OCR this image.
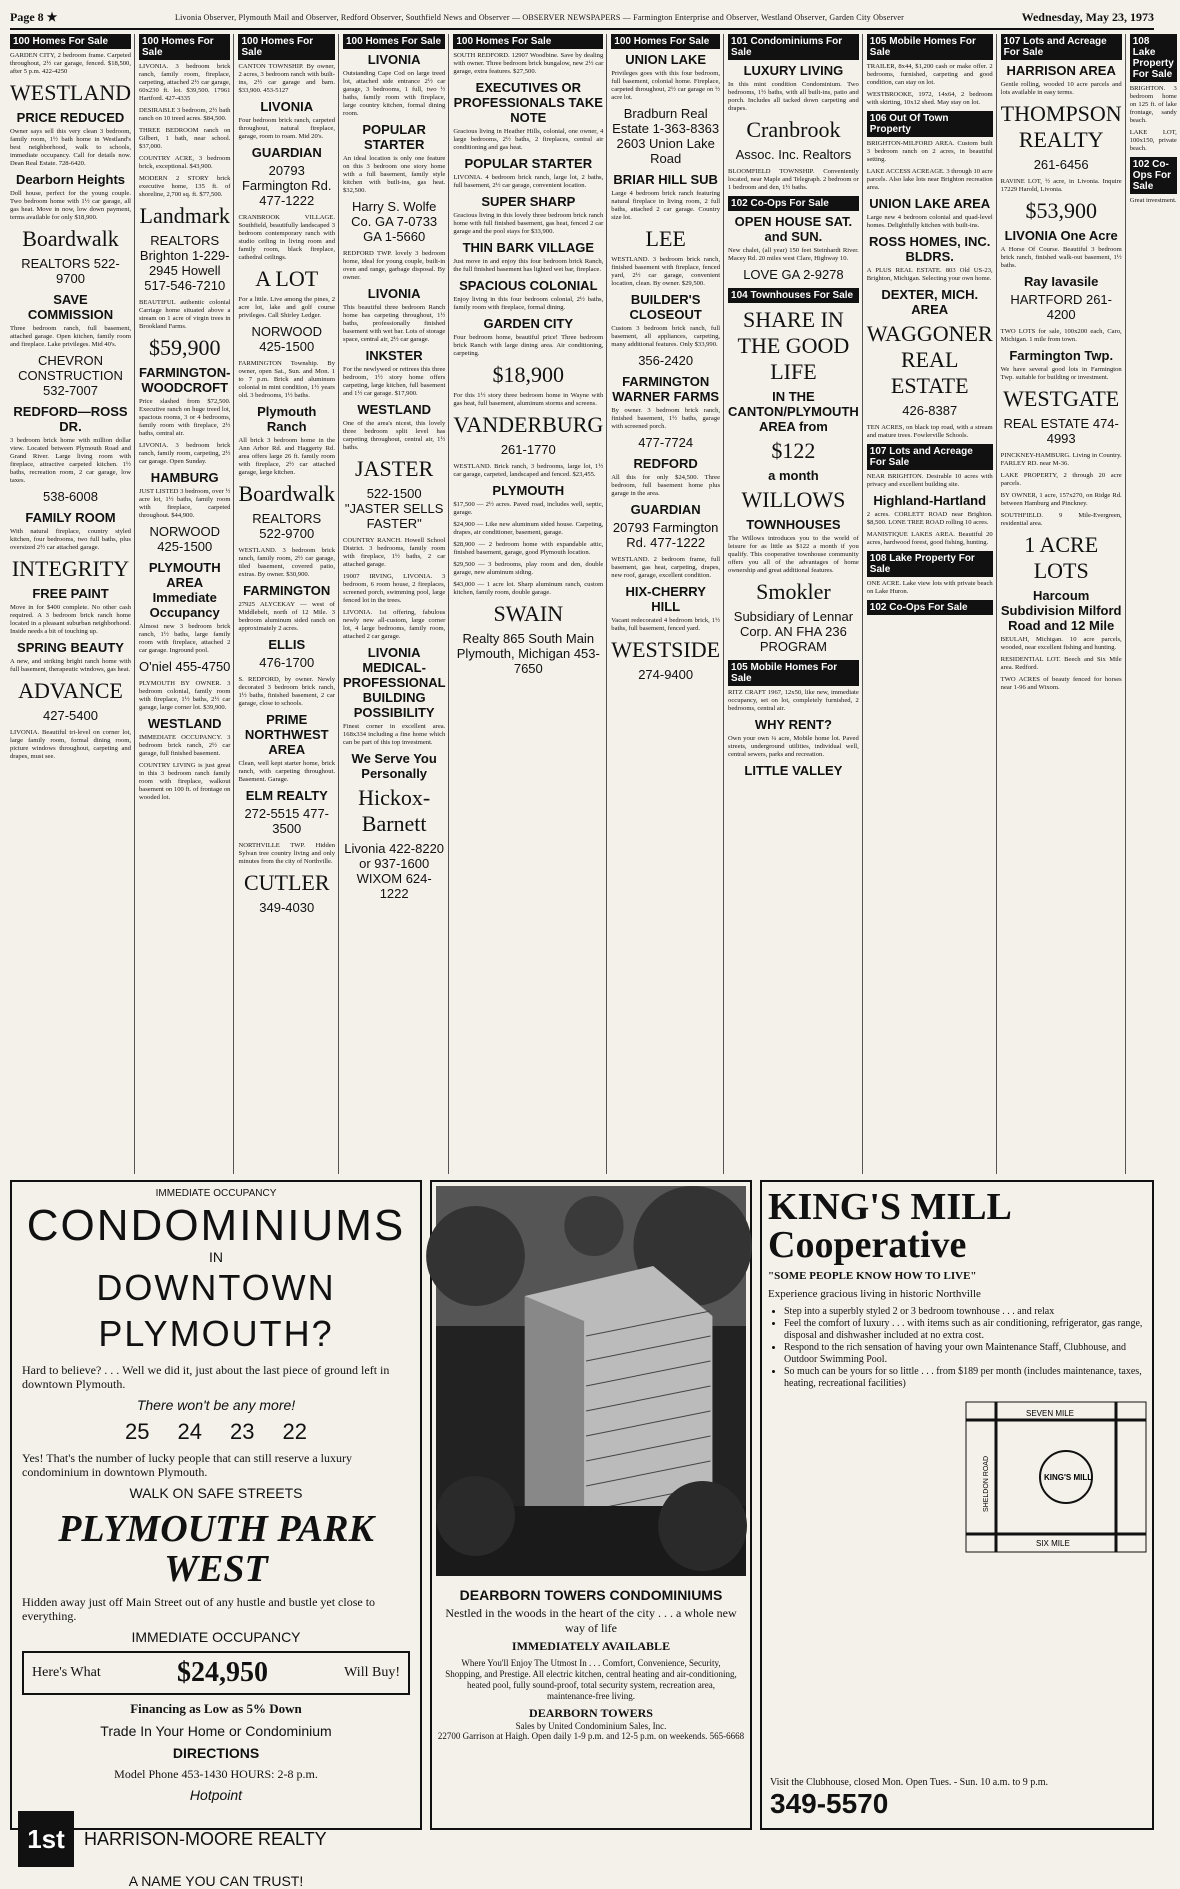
Page 8 ★	Livonia Observer, Plymouth Mail and Observer, Redford Observer, Southfield News and Observer — OBSERVER NEWSPAPERS — Farmington Enterprise and Observer, Westland Observer, Garden City Observer	Wednesday, May 23, 1973
100 Homes For Sale
GARDEN CITY, 2 bedroom frame. Carpeted throughout, 2½ car garage, fenced. $18,500, after 5 p.m. 422-4250
WESTLAND
PRICE REDUCED
Owner says sell this very clean 3 bedroom, family room, 1½ bath home in Westland's best neighborhood, walk to schools, immediate occupancy. Call for details now. Dean Real Estate. 728-6420.
Dearborn Heights
Doll house, perfect for the young couple. Two bedroom home with 1½ car garage, all gas heat. Move in now, low down payment, terms available for only $18,900.
Boardwalk
REALTORS 522-9700
SAVE COMMISSION
Three bedroom ranch, full basement, attached garage. Open kitchen, family room and fireplace. Lake privileges. Mid 40's.
CHEVRON CONSTRUCTION 532-7007
REDFORD—ROSS DR.
3 bedroom brick home with million dollar view. Located between Plymouth Road and Grand River. Large living room with fireplace, attractive carpeted kitchen. 1½ baths, recreation room, 2 car garage, low taxes.
538-6008
FAMILY ROOM
With natural fireplace, country styled kitchen, four bedrooms, two full baths, plus oversized 2½ car attached garage.
INTEGRITY
FREE PAINT
Move in for $400 complete. No other cash required. A 3 bedroom brick ranch home located in a pleasant suburban neighborhood. Inside needs a bit of touching up.
SPRING BEAUTY
A new, and striking bright ranch home with full basement, therapeutic windows, gas heat.
ADVANCE
427-5400
LIVONIA. Beautiful tri-level on corner lot, large family room, formal dining room, picture windows throughout, carpeting and drapes, must see.
100 Homes For Sale
LIVONIA. 3 bedroom brick ranch, family room, fireplace, carpeting, attached 2½ car garage, 60x230 ft. lot. $39,500. 17961 Hartford. 427-4335
DESIRABLE 3 bedroom, 2½ bath ranch on 10 treed acres. $84,500.
THREE BEDROOM ranch on Gilbert, 1 bath, near school. $37,000.
COUNTRY ACRE, 3 bedroom brick, exceptional. $43,900.
MODERN 2 STORY brick executive home, 135 ft. of shoreline, 2,700 sq. ft. $77,500.
Landmark
REALTORS Brighton 1-229-2945 Howell 517-546-7210
BEAUTIFUL authentic colonial Carriage home situated above a stream on 1 acre of virgin trees in Brookland Farms.
$59,900
FARMINGTON-WOODCROFT
Price slashed from $72,500. Executive ranch on huge treed lot, spacious rooms, 3 or 4 bedrooms, family room with fireplace, 2½ baths, central air.
LIVONIA. 3 bedroom brick ranch, family room, carpeting, 2½ car garage. Open Sunday.
HAMBURG
JUST LISTED 3 bedroom, over ½ acre lot, 1½ baths, family room with fireplace, carpeted throughout. $44,900.
NORWOOD 425-1500
PLYMOUTH AREA Immediate Occupancy
Almost new 3 bedroom brick ranch, 1½ baths, large family room with fireplace, attached 2 car garage. Inground pool.
O'niel 455-4750
PLYMOUTH BY OWNER. 3 bedroom colonial, family room with fireplace, 1½ baths, 2½ car garage, large corner lot. $39,900.
WESTLAND
IMMEDIATE OCCUPANCY. 3 bedroom brick ranch, 2½ car garage, full finished basement.
COUNTRY LIVING is just great in this 3 bedroom ranch family room with fireplace, walkout basement on 100 ft. of frontage on wooded lot.
100 Homes For Sale
CANTON TOWNSHIP. By owner, 2 acres, 3 bedroom ranch with built-ins, 2½ car garage and barn. $33,900. 453-5127
LIVONIA
Four bedroom brick ranch, carpeted throughout, natural fireplace, garage, room to roam. Mid 20's.
GUARDIAN
20793 Farmington Rd. 477-1222
CRANBROOK VILLAGE. Southfield, beautifully landscaped 3 bedroom contemporary ranch with studio ceiling in living room and family room, black fireplace, cathedral ceilings.
A LOT
For a little. Live among the pines, 2 acre lot, lake and golf course privileges. Call Shirley Ledger.
NORWOOD 425-1500
FARMINGTON Township. By owner, open Sat., Sun. and Mon. 1 to 7 p.m. Brick and aluminum colonial in mint condition, 1½ years old. 3 bedrooms, 1½ baths.
Plymouth Ranch
All brick 3 bedroom home in the Ann Arbor Rd. and Haggerty Rd. area offers large 26 ft. family room with fireplace, 2½ car attached garage, large kitchen.
Boardwalk
REALTORS 522-9700
WESTLAND. 3 bedroom brick ranch, family room, 2½ car garage, tiled basement, covered patio, extras. By owner. $30,900.
FARMINGTON
27925 ALYCEKAY — west of Middlebelt, north of 12 Mile. 3 bedroom aluminum sided ranch on approximately 2 acres.
ELLIS
476-1700
S. REDFORD, by owner. Newly decorated 3 bedroom brick ranch, 1½ baths, finished basement, 2 car garage, close to schools.
PRIME NORTHWEST AREA
Clean, well kept starter home, brick ranch, with carpeting throughout. Basement. Garage.
ELM REALTY
272-5515 477-3500
NORTHVILLE TWP. Hidden Sylvan tree country living and only minutes from the city of Northville.
CUTLER
349-4030
100 Homes For Sale
LIVONIA
Outstanding Cape Cod on large treed lot, attached side entrance 2½ car garage, 3 bedrooms, 1 full, two ½ baths, family room with fireplace, large country kitchen, formal dining room.
POPULAR STARTER
An ideal location is only one feature on this 3 bedroom one story home with a full basement, family style kitchen with built-ins, gas heat. $32,500.
Harry S. Wolfe Co. GA 7-0733 GA 1-5660
REDFORD TWP. lovely 3 bedroom home, ideal for young couple, built-in oven and range, garbage disposal. By owner.
LIVONIA
This beautiful three bedroom Ranch home has carpeting throughout, 1½ baths, professionally finished basement with wet bar. Lots of storage space, central air, 2½ car garage.
INKSTER
For the newlywed or retirees this three bedroom, 1½ story home offers carpeting, large kitchen, full basement and 1½ car garage. $17,900.
WESTLAND
One of the area's nicest, this lovely three bedroom split level has carpeting throughout, central air, 1½ baths.
JASTER
522-1500 "JASTER SELLS FASTER"
COUNTRY RANCH. Howell School District. 3 bedrooms, family room with fireplace, 1½ baths, 2 car attached garage.
19007 IRVING, LIVONIA. 3 bedroom, 6 room house, 2 fireplaces, screened porch, swimming pool, large fenced lot in the trees.
LIVONIA. 1st offering, fabulous newly new all-custom, large corner lot, 4 large bedrooms, family room, attached 2 car garage.
LIVONIA MEDICAL-PROFESSIONAL BUILDING POSSIBILITY
Finest corner in excellent area. 168x334 including a fine home which can be part of this top investment.
We Serve You Personally
Hickox-Barnett
Livonia 422-8220 or 937-1600 WIXOM 624-1222
100 Homes For Sale
SOUTH REDFORD. 12907 Woodbine. Save by dealing with owner. Three bedroom brick bungalow, new 2½ car garage, extra features. $27,500.
EXECUTIVES OR PROFESSIONALS TAKE NOTE
Gracious living in Heather Hills, colonial, one owner, 4 large bedrooms, 2½ baths, 2 fireplaces, central air conditioning and gas heat.
POPULAR STARTER
LIVONIA. 4 bedroom brick ranch, large lot, 2 baths, full basement, 2½ car garage, convenient location.
SUPER SHARP
Gracious living in this lovely three bedroom brick ranch home with full finished basement, gas heat, fenced 2 car garage and the pool stays for $33,900.
THIN BARK VILLAGE
Just move in and enjoy this four bedroom brick Ranch, the full finished basement has lighted wet bar, fireplace.
SPACIOUS COLONIAL
Enjoy living in this four bedroom colonial, 2½ baths, family room with fireplace, formal dining.
GARDEN CITY
Four bedroom home, beautiful price! Three bedroom brick Ranch with large dining area. Air conditioning, carpeting.
$18,900
For this 1½ story three bedroom home in Wayne with gas heat, full basement, aluminum storms and screens.
VANDERBURG
261-1770
WESTLAND. Brick ranch, 3 bedrooms, large lot, 1½ car garage, carpeted, landscaped and fenced. $23,455.
PLYMOUTH
$17,500 — 2½ acres. Paved road, includes well, septic, garage.
$24,900 — Like new aluminum sided house. Carpeting, drapes, air conditioner, basement, garage.
$28,900 — 2 bedroom home with expandable attic, finished basement, garage, good Plymouth location.
$29,500 — 3 bedrooms, play room and den, double garage, new aluminum siding.
$43,000 — 1 acre lot. Sharp aluminum ranch, custom kitchen, family room, double garage.
SWAIN
Realty 865 South Main Plymouth, Michigan 453-7650
100 Homes For Sale
UNION LAKE
Privileges goes with this four bedroom, full basement, colonial home. Fireplace, carpeted throughout, 2½ car garage on ½ acre lot.
Bradburn Real Estate 1-363-8363 2603 Union Lake Road
BRIAR HILL SUB
Large 4 bedroom brick ranch featuring natural fireplace in living room, 2 full baths, attached 2 car garage. Country size lot.
LEE
WESTLAND. 3 bedroom brick ranch, finished basement with fireplace, fenced yard, 2½ car garage, convenient location, clean. By owner. $29,500.
BUILDER'S CLOSEOUT
Custom 3 bedroom brick ranch, full basement, all appliances, carpeting, many additional features. Only $33,990.
356-2420
FARMINGTON WARNER FARMS
By owner. 3 bedroom brick ranch, finished basement, 1½ baths, garage with screened porch.
477-7724
REDFORD
All this for only $24,500. Three bedroom, full basement home plus garage in the area.
GUARDIAN
20793 Farmington Rd. 477-1222
WESTLAND. 2 bedroom frame, full basement, gas heat, carpeting, drapes, new roof, garage, excellent condition.
HIX-CHERRY HILL
Vacant redecorated 4 bedroom brick, 1½ baths, full basement, fenced yard.
WESTSIDE
274-9400
101 Condominiums For Sale
LUXURY LIVING
In this mint condition Condominium. Two bedrooms, 1½ baths, with all built-ins, patio and porch. Includes all tacked down carpeting and drapes.
Cranbrook
Assoc. Inc. Realtors
BLOOMFIELD TOWNSHIP. Conveniently located, near Maple and Telegraph. 2 bedroom or 1 bedroom and den, 1½ baths.
102 Co-Ops For Sale
OPEN HOUSE SAT. and SUN.
New chalet, (all year) 150 feet Steinhardt River. Macey Rd. 20 miles west Clare, Highway 10.
LOVE GA 2-9278
104 Townhouses For Sale
SHARE IN THE GOOD LIFE
IN THE CANTON/PLYMOUTH AREA from
$122
a month
WILLOWS
TOWNHOUSES
The Willows introduces you to the world of leisure for as little as $122 a month if you qualify. This cooperative townhouse community offers you all of the advantages of home ownership and great additional features.
Smokler
Subsidiary of Lennar Corp. AN FHA 236 PROGRAM
105 Mobile Homes For Sale
RITZ CRAFT 1967, 12x50, like new, immediate occupancy, set on lot, completely furnished, 2 bedrooms, central air.
WHY RENT?
Own your own ¼ acre, Mobile home lot. Paved streets, underground utilities, individual well, central sewers, parks and recreation.
LITTLE VALLEY
105 Mobile Homes For Sale
TRAILER, 8x44, $1,200 cash or make offer. 2 bedrooms, furnished, carpeting and good condition, can stay on lot.
WESTBROOKE, 1972, 14x64, 2 bedroom with skirting, 10x12 shed. May stay on lot.
106 Out Of Town Property
BRIGHTON-MILFORD AREA. Custom built 3 bedroom ranch on 2 acres, in beautiful setting.
LAKE ACCESS ACREAGE. 3 through 10 acre parcels. Also lake lots near Brighton recreation area.
UNION LAKE AREA
Large new 4 bedroom colonial and quad-level homes. Delightfully kitchen with built-ins.
ROSS HOMES, INC. BLDRS.
A PLUS REAL ESTATE. 803 Old US-23, Brighton, Michigan. Selecting your own home.
DEXTER, MICH. AREA
WAGGONER REAL ESTATE
426-8387
TEN ACRES, on black top road, with a stream and mature trees. Fowlerville Schools.
107 Lots and Acreage For Sale
NEAR BRIGHTON. Desirable 10 acres with privacy and excellent building site.
Highland-Hartland
2 acres. CORLETT ROAD near Brighton. $8,500. LONE TREE ROAD rolling 10 acres.
MANISTIQUE LAKES AREA. Beautiful 20 acres, hardwood forest, good fishing, hunting.
108 Lake Property For Sale
ONE ACRE. Lake view lots with private beach on Lake Huron.
102 Co-Ops For Sale
107 Lots and Acreage For Sale
HARRISON AREA
Gentle rolling, wooded 10 acre parcels and lots available in easy terms.
THOMPSON REALTY
261-6456
RAVINE LOT, ½ acre, in Livonia. Inquire 17229 Harold, Livonia.
$53,900
LIVONIA One Acre
A Horse Of Course. Beautiful 3 bedroom brick ranch, finished walk-out basement, 1½ baths.
Ray Iavasile
HARTFORD 261-4200
TWO LOTS for sale, 100x200 each, Caro, Michigan. 1 mile from town.
Farmington Twp.
We have several good lots in Farmington Twp. suitable for building or investment.
WESTGATE
REAL ESTATE 474-4993
PINCKNEY-HAMBURG. Living in Country. FARLEY RD. near M-36.
LAKE PROPERTY, 2 through 20 acre parcels.
BY OWNER, 1 acre, 157x270, on Ridge Rd. between Hamburg and Pinckney.
SOUTHFIELD. 9 Mile-Evergreen, residential area.
1 ACRE LOTS
Harcoum Subdivision Milford Road and 12 Mile
BEULAH, Michigan. 10 acre parcels, wooded, near excellent fishing and hunting.
RESIDENTIAL LOT. Beech and Six Mile area. Redford.
TWO ACRES of beauty fenced for horses near 1-96 and Wixom.
108 Lake Property For Sale
BRIGHTON. 3 bedroom home on 125 ft. of lake frontage, sandy beach.
LAKE LOT, 100x150, private beach.
102 Co-Ops For Sale
Great investment.
IMMEDIATE OCCUPANCY
CONDOMINIUMS
IN
DOWNTOWN PLYMOUTH?
Hard to believe? . . . Well we did it, just about the last piece of ground left in downtown Plymouth.
There won't be any more!
25 24 23 22
Yes! That's the number of lucky people that can still reserve a luxury condominium in downtown Plymouth.
WALK ON SAFE STREETS
PLYMOUTH PARK WEST
Hidden away just off Main Street out of any hustle and bustle yet close to everything.
IMMEDIATE OCCUPANCY
Here's What	$24,950	Will Buy!
Financing as Low as 5% Down
Trade In Your Home or Condominium
DIRECTIONS
Model Phone 453-1430 HOURS: 2-8 p.m.
Hotpoint
1st	HARRISON-MOORE REALTY
A NAME YOU CAN TRUST!
DEARBORN TOWERS CONDOMINIUMS
Nestled in the woods in the heart of the city . . . a whole new way of life
IMMEDIATELY AVAILABLE
Where You'll Enjoy The Utmost In . . . Comfort, Convenience, Security, Shopping, and Prestige. All electric kitchen, central heating and air-conditioning, heated pool, fully sound-proof, total security system, recreation area, maintenance-free living.
DEARBORN TOWERS
Sales by United Condominium Sales, Inc.
22700 Garrison at Haigh. Open daily 1-9 p.m. and 12-5 p.m. on weekends. 565-6668
KING'S MILL Cooperative
"SOME PEOPLE KNOW HOW TO LIVE"
Experience gracious living in historic Northville
• Step into a superbly styled 2 or 3 bedroom townhouse . . . and relax
• Feel the comfort of luxury . . . with items such as air conditioning, refrigerator, gas range, disposal and dishwasher included at no extra cost.
• Respond to the rich sensation of having your own Maintenance Staff, Clubhouse, and Outdoor Swimming Pool.
• So much can be yours for so little . . . from $189 per month (includes maintenance, taxes, heating, recreational facilities)
SEVEN MILE
KING'S MILL
SIX MILE
SHELDON ROAD
Visit the Clubhouse, closed Mon. Open Tues. - Sun. 10 a.m. to 9 p.m.
349-5570
